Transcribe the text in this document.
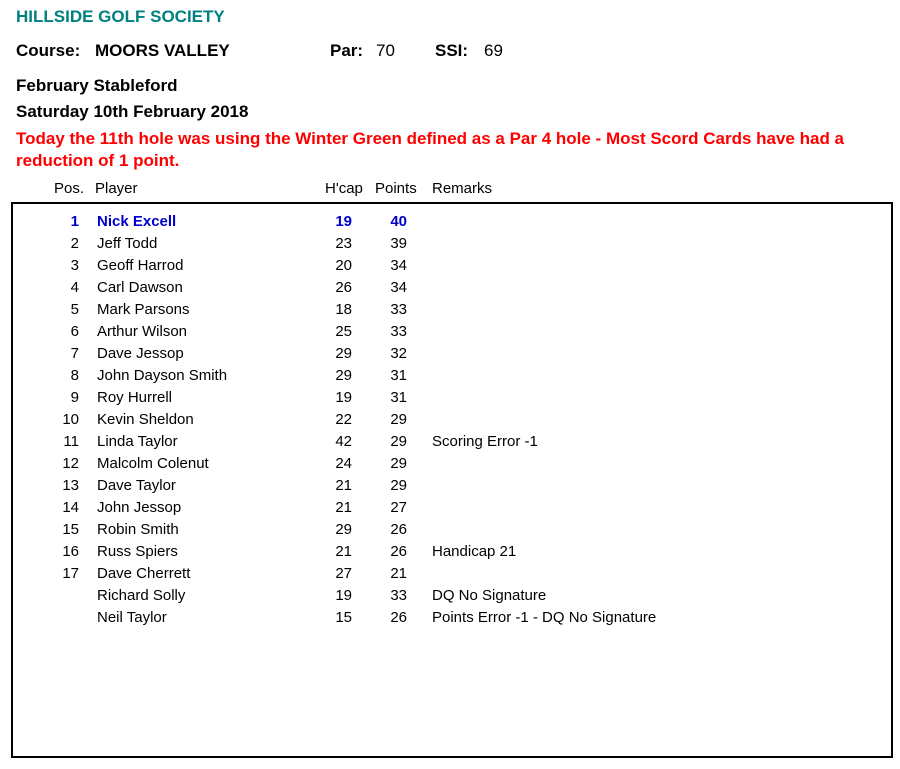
HILLSIDE GOLF SOCIETY
Course: MOORS VALLEY	Par: 70 SSI: 69
February Stableford
Saturday 10th February 2018
Today the 11th hole was using the Winter Green defined as a Par 4 hole - Most Scord Cards have had a reduction of 1 point.
Pos. Player	H'cap Points Remarks
1 Nick Excell	19	40
2 Jeff Todd	23	39
3 Geoff Harrod	20	34
4 Carl Dawson	26	34
5 Mark Parsons	18	33
6 Arthur Wilson	25	33
7 Dave Jessop	29	32
8 John Dayson Smith	29	31
9 Roy Hurrell	19	31
10 Kevin Sheldon	22	29
11 Linda Taylor	42	29 Scoring Error -1
12 Malcolm Colenut	24	29
13 Dave Taylor	21	29
14 John Jessop	21	27
15 Robin Smith	29	26
16 Russ Spiers	21	26 Handicap 21
17 Dave Cherrett	27	21
Richard Solly	19	33 DQ No Signature
Neil Taylor	15	26 Points Error -1 - DQ No Signature
